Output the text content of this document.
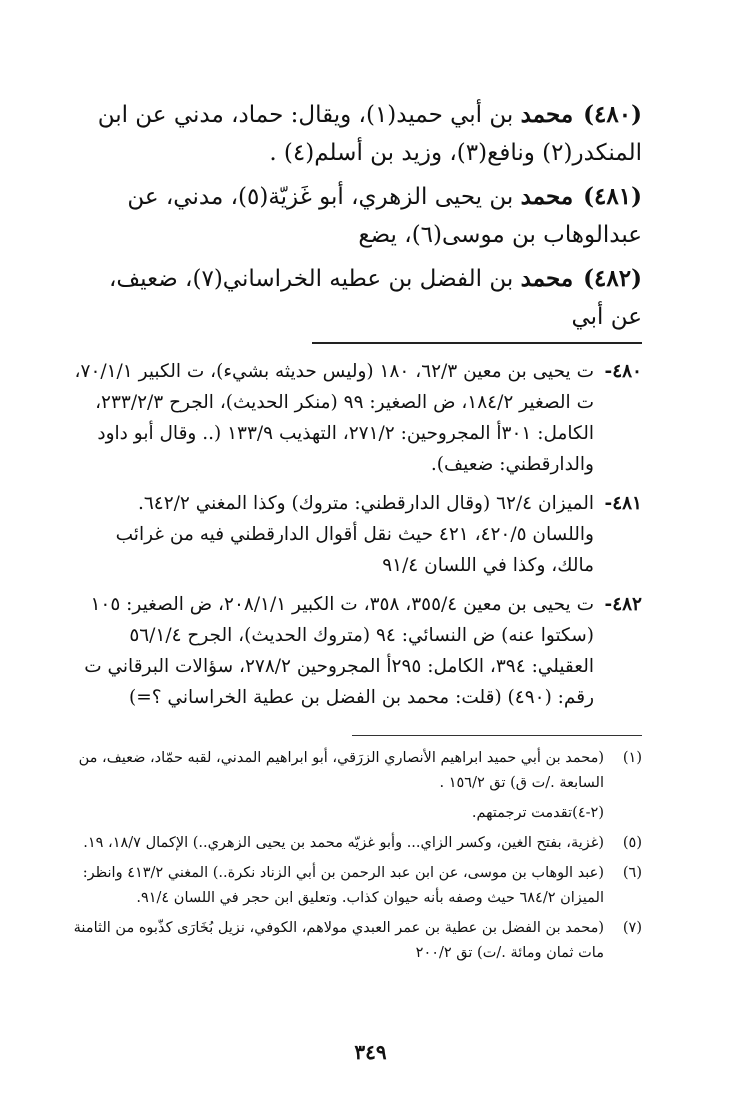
(٤٨٠)محمد بن أبي حميد(١)، ويقال: حماد، مدني عن ابن المنكدر(٢) ونافع(٣)، وزيد بن أسلم(٤) .
(٤٨١)محمد بن يحيى الزهري، أبو غَزيّة(٥)، مدني، عن عبدالوهاب بن موسى(٦)، يضع
(٤٨٢)محمد بن الفضل بن عطيه الخراساني(٧)، ضعيف، عن أبي
٤٨٠-
ت يحيى بن معين ٦٢/٣، ١٨٠ (وليس حديثه بشيء)، ت الكبير ٧٠/١/١، ت الصغير ١٨٤/٢، ض الصغير: ٩٩ (منكر الحديث)، الجرح ٢٣٣/٢/٣، الكامل: ٣٠١أ المجروحين: ٢٧١/٢، التهذيب ١٣٣/٩ (.. وقال أبو داود والدارقطني: ضعيف).
٤٨١-
الميزان ٦٢/٤ (وقال الدارقطني: متروك) وكذا المغني ٦٤٢/٢. واللسان ٤٢٠/٥، ٤٢١ حيث نقل أقوال الدارقطني فيه من غرائب مالك، وكذا في اللسان ٩١/٤
٤٨٢-
ت يحيى بن معين ٣٥٥/٤، ٣٥٨، ت الكبير ٢٠٨/١/١، ض الصغير: ١٠٥ (سكتوا عنه) ض النسائي: ٩٤ (متروك الحديث)، الجرح ٥٦/١/٤ العقيلي: ٣٩٤، الكامل: ٢٩٥أ المجروحين ٢٧٨/٢، سؤالات البرقاني ت رقم: (٤٩٠) (قلت: محمد بن الفضل بن عطية الخراساني ؟=)
(١)
(محمد بن أبي حميد ابراهيم الأنصاري الزرَقي، أبو ابراهيم المدني، لقبه حمّاد، ضعيف، من السابعة ./ت ق) تق ١٥٦/٢ .
(٢-٤)تقدمت ترجمتهم.
(٥)
(غزية، بفتح الغين، وكسر الزاي... وأبو غزيّه محمد بن يحيى الزهري..) الإكمال ١٨/٧، ١٩.
(٦)
(عبد الوهاب بن موسى، عن ابن عبد الرحمن بن أبي الزناد نكرة..) المغني ٤١٣/٢ وانظر: الميزان ٦٨٤/٢ حيث وصفه بأنه حيوان كذاب. وتعليق ابن حجر في اللسان ٩١/٤.
(٧)
(محمد بن الفضل بن عطية بن عمر العبدي مولاهم، الكوفي، نزيل بُخَارَى كذّبوه من الثامنة مات ثمان ومائة ./ت) تق ٢٠٠/٢
٣٤٩
